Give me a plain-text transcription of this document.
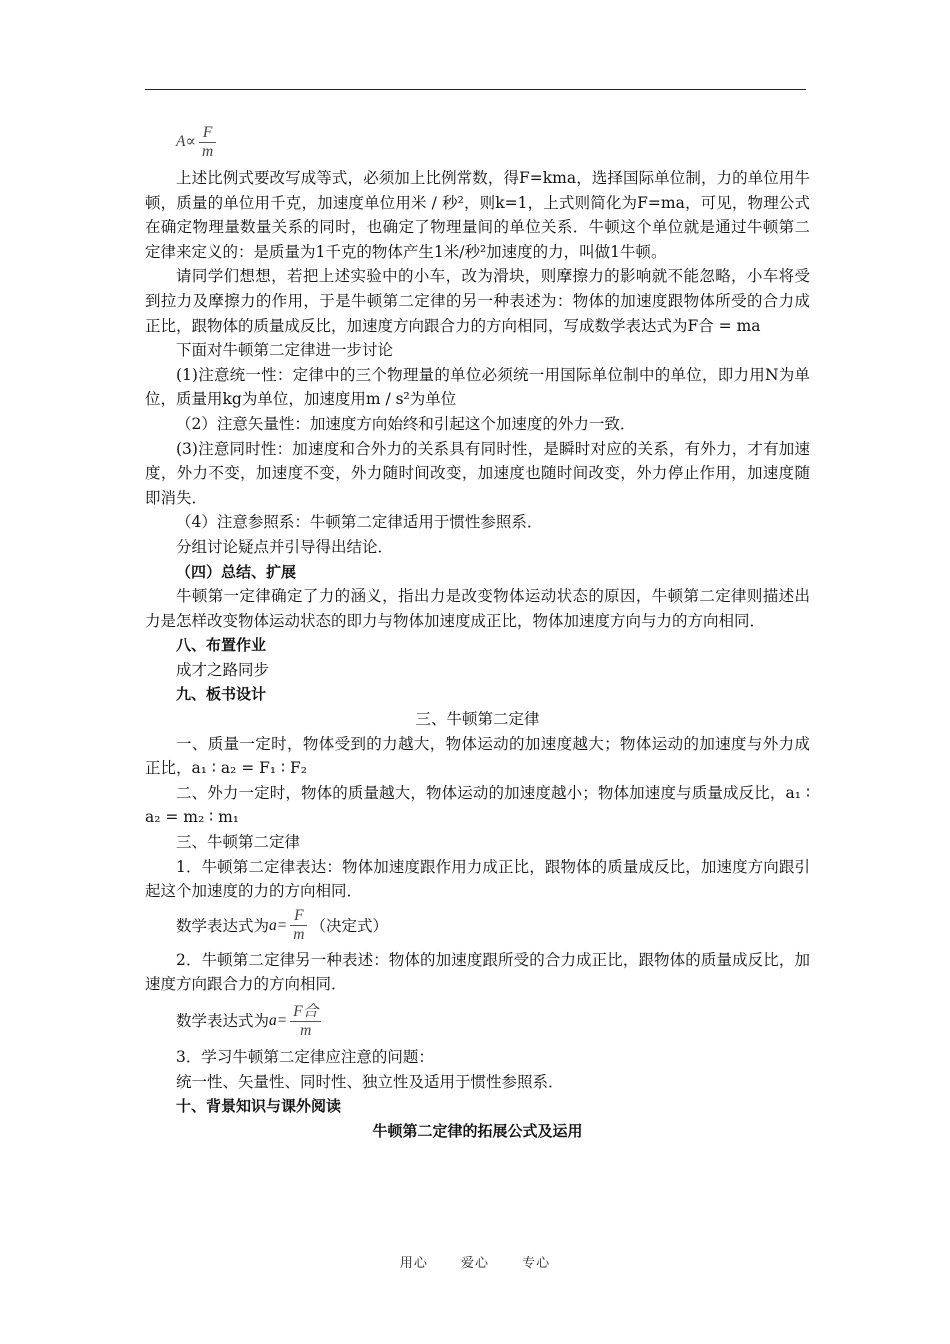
$A\propto \frac{F}{m}$

上述比例式要改写成等式，必须加上比例常数，得F=kma，选择国际单位制，力的单位用牛顿，质量的单位用千克，加速度单位用米 / 秒²，则k=1，上式则简化为F=ma，可见，物理公式在确定物理量数量关系的同时，也确定了物理量间的单位关系．牛顿这个单位就是通过牛顿第二定律来定义的：是质量为1千克的物体产生1米/秒²加速度的力，叫做1牛顿。

请同学们想想，若把上述实验中的小车，改为滑块，则摩擦力的影响就不能忽略，小车将受到拉力及摩擦力的作用，于是牛顿第二定律的另一种表述为：物体的加速度跟物体所受的合力成正比，跟物体的质量成反比，加速度方向跟合力的方向相同，写成数学表达式为F合 = ma

下面对牛顿第二定律进一步讨论

(1)注意统一性：定律中的三个物理量的单位必须统一用国际单位制中的单位，即力用N为单位，质量用kg为单位，加速度用m / s²为单位

（2）注意矢量性：加速度方向始终和引起这个加速度的外力一致．

(3)注意同时性：加速度和合外力的关系具有同时性，是瞬时对应的关系，有外力，才有加速度，外力不变，加速度不变，外力随时间改变，加速度也随时间改变，外力停止作用，加速度随即消失．

（4）注意参照系：牛顿第二定律适用于惯性参照系．

分组讨论疑点并引导得出结论．

（四）总结、扩展

牛顿第一定律确定了力的涵义，指出力是改变物体运动状态的原因，牛顿第二定律则描述出力是怎样改变物体运动状态的即力与物体加速度成正比，物体加速度方向与力的方向相同．

八、布置作业

成才之路同步

九、板书设计

三、牛顿第二定律

一、质量一定时，物体受到的力越大，物体运动的加速度越大；物体运动的加速度与外力成正比，a₁ ∶ a₂ = F₁ ∶ F₂

二、外力一定时，物体的质量越大，物体运动的加速度越小；物体加速度与质量成反比，a₁ ∶ a₂ = m₂ ∶ m₁

三、牛顿第二定律

1．牛顿第二定律表达：物体加速度跟作用力成正比，跟物体的质量成反比，加速度方向跟引起这个加速度的力的方向相同．

数学表达式为 $a= \frac{F}{m}$ （决定式）

2．牛顿第二定律另一种表述：物体的加速度跟所受的合力成正比，跟物体的质量成反比，加速度方向跟合力的方向相同．

数学表达式为 $a= \frac{\text{F合}}{m}$

3．学习牛顿第二定律应注意的问题：

统一性、矢量性、同时性、独立性及适用于惯性参照系．

十、背景知识与课外阅读

牛顿第二定律的拓展公式及运用

用心	爱心	专心
